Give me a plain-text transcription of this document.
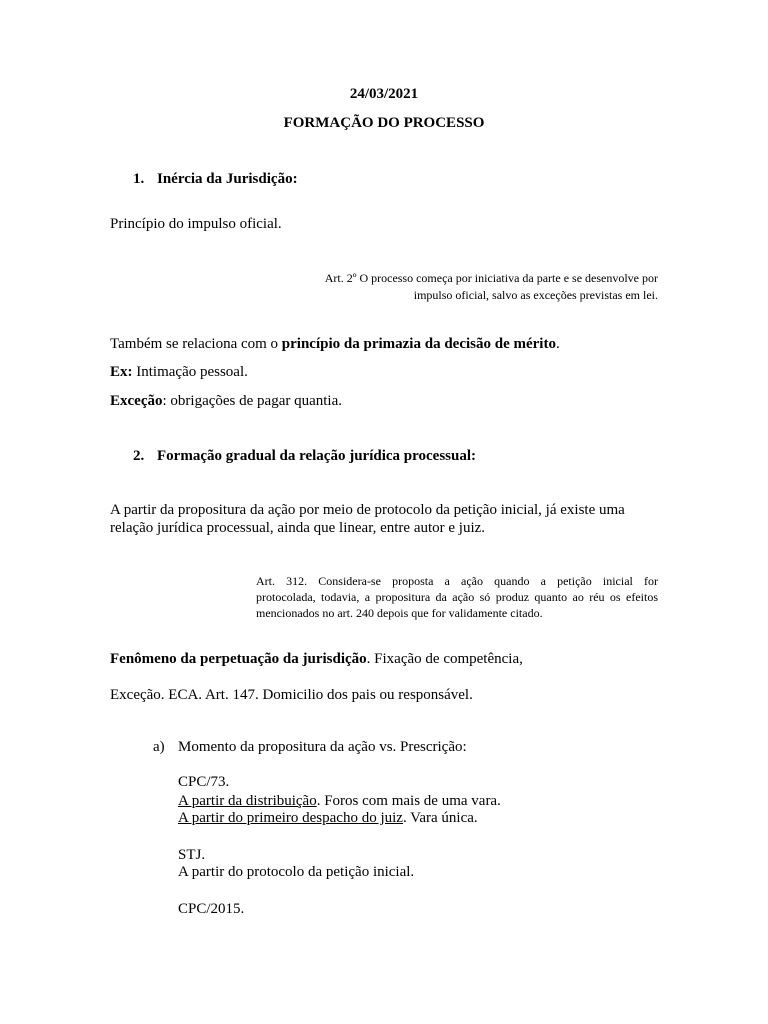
24/03/2021
FORMAÇÃO DO PROCESSO
1. Inércia da Jurisdição:
Princípio do impulso oficial.
Art. 2º O processo começa por iniciativa da parte e se desenvolve por
impulso oficial, salvo as exceções previstas em lei.
Também se relaciona com o princípio da primazia da decisão de mérito.
Ex: Intimação pessoal.
Exceção: obrigações de pagar quantia.
2. Formação gradual da relação jurídica processual:
A partir da propositura da ação por meio de protocolo da petição inicial, já existe uma
relação jurídica processual, ainda que linear, entre autor e juiz.
Art. 312. Considera-se proposta a ação quando a petição inicial for
protocolada, todavia, a propositura da ação só produz quanto ao réu os efeitos
mencionados no art. 240 depois que for validamente citado.
Fenômeno da perpetuação da jurisdição. Fixação de competência,
Exceção. ECA. Art. 147. Domicilio dos pais ou responsável.
a) Momento da propositura da ação vs. Prescrição:
CPC/73.
A partir da distribuição. Foros com mais de uma vara.
A partir do primeiro despacho do juiz. Vara única.
STJ.
A partir do protocolo da petição inicial.
CPC/2015.
